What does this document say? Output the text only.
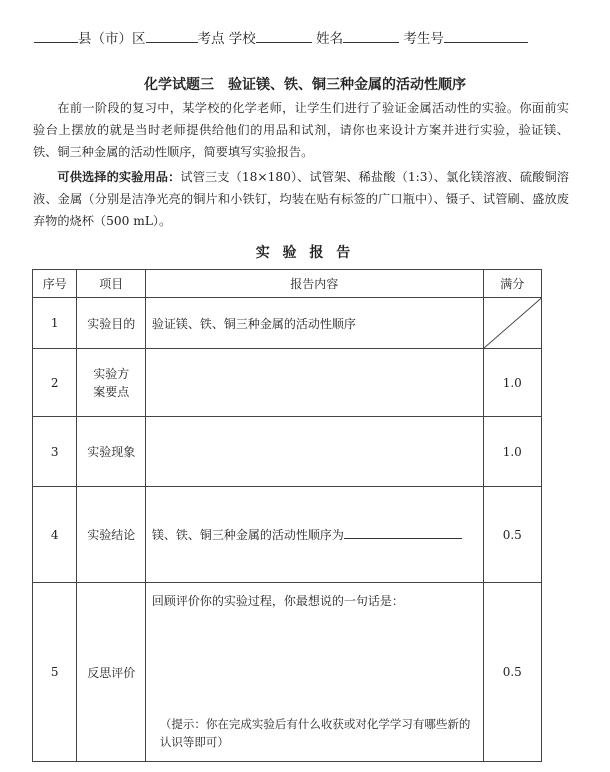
县（市）区	考点 学校	姓名	考生号
化学试题三　验证镁、铁、铜三种金属的活动性顺序
在前一阶段的复习中，某学校的化学老师，让学生们进行了验证金属活动性的实验。你面前实验台上摆放的就是当时老师提供给他们的用品和试剂，请你也来设计方案并进行实验，验证镁、铁、铜三种金属的活动性顺序，简要填写实验报告。
可供选择的实验用品：试管三支（18×180）、试管架、稀盐酸（1:3）、氯化镁溶液、硫酸铜溶液、金属（分别是洁净光亮的铜片和小铁钉，均装在贴有标签的广口瓶中）、镊子、试管刷、盛放废弃物的烧杯（500 mL）。
实 验 报 告
序号	项目	报告内容	满分
1	实验目的	验证镁、铁、铜三种金属的活动性顺序

2	实验方案要点		1.0
3	实验现象		1.0
4	实验结论	镁、铁、铜三种金属的活动性顺序为	0.5
5	反思评价	回顾评价你的实验过程，你最想说的一句话是：
（提示：你在完成实验后有什么收获或对化学学习有哪些新的认识等即可）	0.5
